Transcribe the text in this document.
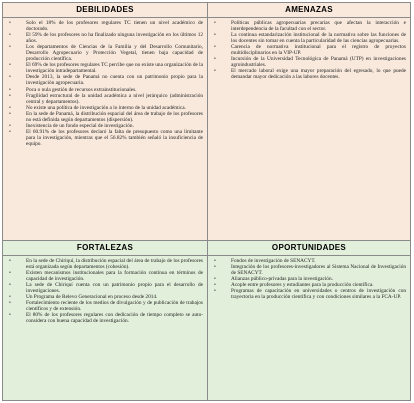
DEBILIDADES
• Solo el 18% de los profesores regulares TC tienen un nivel académico de doctorado.
• El 59% de los profesores no ha finalizado ninguna investigación en los últimos 12 años.
• Los departamentos de Ciencias de la Familia y del Desarrollo Comunitario, Desarrollo Agropecuario y Protección Vegetal, tienen baja capacidad de producción científica.
• El 69% de los profesores regulares TC percibe que no existe una organización de la investigación intradepartamental.
• Desde 2013, la sede de Panamá no cuenta con un patrimonio propio para la investigación agropecuaria.
• Poca o nula gestión de recursos extrainstitucionales.
• Fragilidad estructural de la unidad académica a nivel jerárquico (administración central y departamentos).
• No existe una política de investigación a lo interno de la unidad académica.
• En la sede de Panamá, la distribución espacial del área de trabajo de los profesores no está definida según departamentos (dispersión).
• Inexistencia de un fondo especial de investigación.
• El 60.91% de los profesores declaró la falta de presupuesto como una limitante para la investigación, mientras que el 56.82% también señaló la insuficiencia de equipo.
AMENAZAS
• Políticas públicas agropecuarias precarias que afectan la interacción e interdependencia de la facultad con el sector.
• La continua estandarización institucional de la normativa sobre las funciones de los docentes sin tomar en cuenta la particularidad de las ciencias agropecuarias.
• Carencia de normativa institucional para el registro de proyectos multidisciplinarios en la VIP-UP.
• Incursión de la Universidad Tecnológica de Panamá (UTP) en investigaciones agroindustriales.
• El mercado laboral exige una mayor preparación del egresado, lo que puede demandar mayor dedicación a las labores docentes.
FORTALEZAS
• En la sede de Chiriquí, la distribución espacial del área de trabajo de los profesores está organizada según departamentos (cohesión).
• Existen mecanismos institucionales para la formación continua en términos de capacidad de investigación.
• La sede de Chiriquí cuenta con un patrimonio propio para el desarrollo de investigaciones.
• Un Programa de Relevo Generacional en proceso desde 2014.
• Fortalecimiento reciente de los medios de divulgación y de publicación de trabajos científicos y de extensión.
• El 80% de los profesores regulares con dedicación de tiempo completo se auto-considera con buena capacidad de investigación.
OPORTUNIDADES
• Fondos de investigación de SENACYT.
• Integración de los profesores-investigadores al Sistema Nacional de Investigación de SENACYT.
• Alianzas público-privadas para la investigación.
• Acople entre profesores y estudiantes para la producción científica.
• Programas de capacitación en universidades o centros de investigación con trayectoria en la producción científica y con condiciones similares a la FCA-UP.
